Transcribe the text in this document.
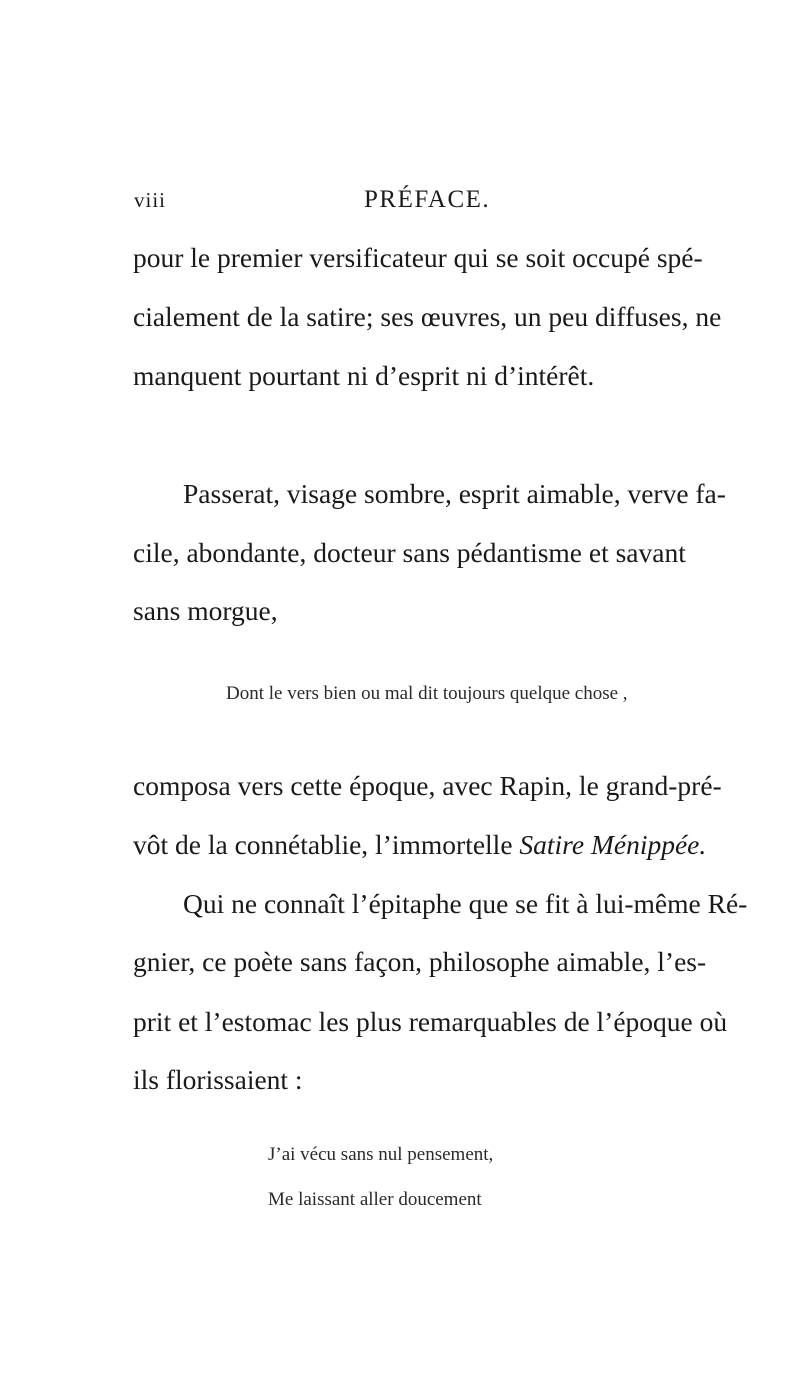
viii	PRÉFACE.
pour le premier versificateur qui se soit occupé spé-
cialement de la satire; ses œuvres, un peu diffuses, ne
manquent pourtant ni d’esprit ni d’intérêt.
Passerat, visage sombre, esprit aimable, verve fa-
cile, abondante, docteur sans pédantisme et savant
sans morgue,
Dont le vers bien ou mal dit toujours quelque chose ,
composa vers cette époque, avec Rapin, le grand-pré-
vôt de la connétablie, l’immortelle Satire Ménippée.
Qui ne connaît l’épitaphe que se fit à lui-même Ré-
gnier, ce poète sans façon, philosophe aimable, l’es-
prit et l’estomac les plus remarquables de l’époque où
ils florissaient :
J’ai vécu sans nul pensement,
Me laissant aller doucement
